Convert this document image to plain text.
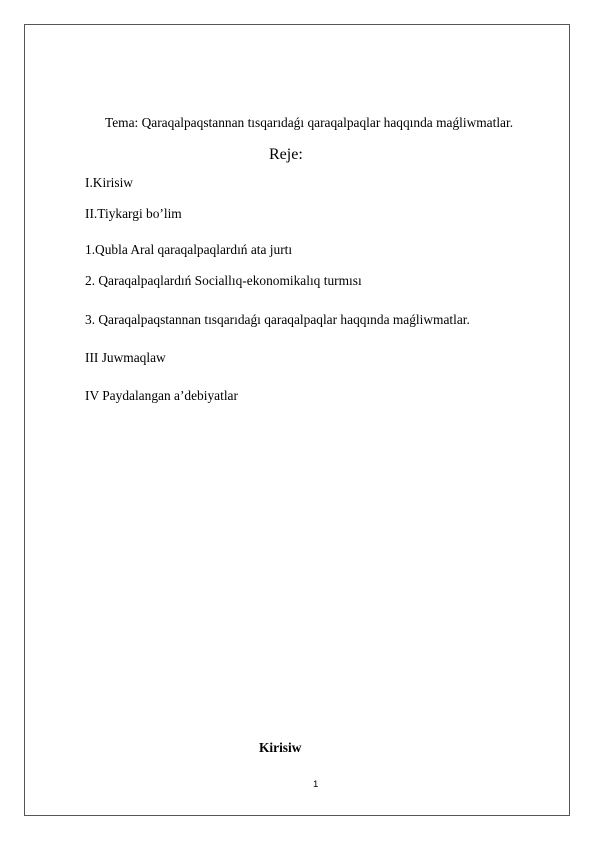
Tema: Qaraqalpaqstannan tısqarıdaǵı qaraqalpaqlar haqqında maǵliwmatlar.
Reje:
I.Kirisiw
II.Tiykargi bo’lim
1.Qubla Aral qaraqalpaqlardıń ata jurtı
2. Qaraqalpaqlardıń Sociallıq-ekonomikalıq turmısı
3. Qaraqalpaqstannan tısqarıdaǵı qaraqalpaqlar haqqında maǵliwmatlar.
III Juwmaqlaw
IV Paydalangan a’debiyatlar
Kirisiw
1
